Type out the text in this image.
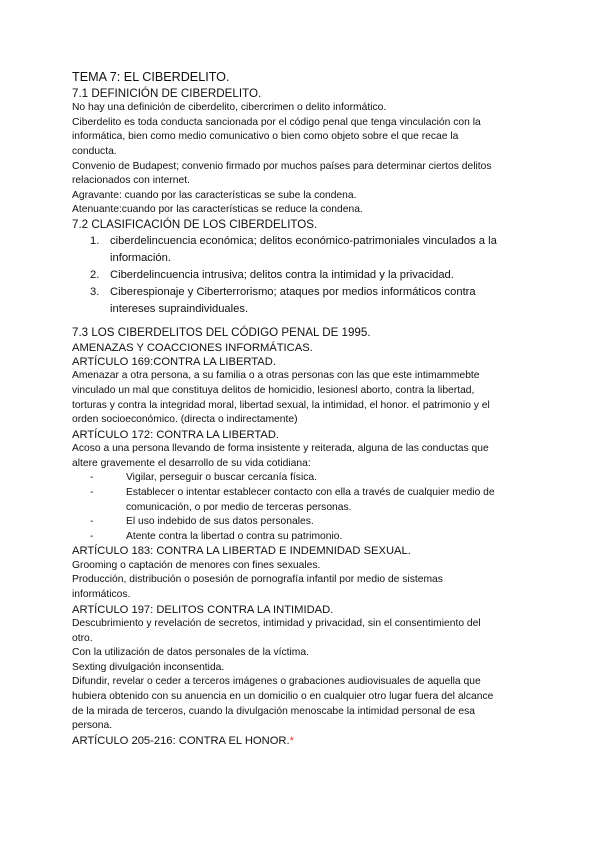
TEMA 7: EL CIBERDELITO.
7.1 DEFINICIÓN DE CIBERDELITO.
No hay una definición de ciberdelito, cibercrimen o delito informático.
Ciberdelito es toda conducta sancionada por el código penal que tenga vinculación con la
informática, bien como medio comunicativo o bien como objeto sobre el que recae la
conducta.
Convenio de Budapest; convenio firmado por muchos países para determinar ciertos delitos
relacionados con internet.
Agravante: cuando por las características se sube la condena.
Atenuante:cuando por las características se reduce la condena.
7.2 CLASIFICACIÓN DE LOS CIBERDELITOS.
1. ciberdelincuencia económica; delitos económico-patrimoniales vinculados a la
información.
2. Ciberdelincuencia intrusiva; delitos contra la intimidad y la privacidad.
3. Ciberespionaje y Ciberterrorismo; ataques por medios informáticos contra
intereses supraindividuales.
7.3 LOS CIBERDELITOS DEL CÓDIGO PENAL DE 1995.
AMENAZAS Y COACCIONES INFORMÁTICAS.
ARTÍCULO 169:CONTRA LA LIBERTAD.
Amenazar a otra persona, a su familia o a otras personas con las que este intimammebte
vinculado un mal que constituya delitos de homicidio, lesionesl aborto, contra la libertad,
torturas y contra la integridad moral, libertad sexual, la intimidad, el honor. el patrimonio y el
orden socioeconómico. (directa o indirectamente)
ARTÍCULO 172: CONTRA LA LIBERTAD.
Acoso a una persona llevando de forma insistente y reiterada, alguna de las conductas que
altere gravemente el desarrollo de su vida cotidiana:
-	Vigilar, perseguir o buscar cercanía física.
-	Establecer o intentar establecer contacto con ella a través de cualquier medio de
comunicación, o por medio de terceras personas.
-	El uso indebido de sus datos personales.
-	Atente contra la libertad o contra su patrimonio.
ARTÍCULO 183: CONTRA LA LIBERTAD E INDEMNIDAD SEXUAL.
Grooming o captación de menores con fines sexuales.
Producción, distribución o posesión de pornografía infantil por medio de sistemas
informáticos.
ARTÍCULO 197: DELITOS CONTRA LA INTIMIDAD.
Descubrimiento y revelación de secretos, intimidad y privacidad, sin el consentimiento del
otro.
Con la utilización de datos personales de la víctima.
Sexting divulgación inconsentida.
Difundir, revelar o ceder a terceros imágenes o grabaciones audiovisuales de aquella que
hubiera obtenido con su anuencia en un domicilio o en cualquier otro lugar fuera del alcance
de la mirada de terceros, cuando la divulgación menoscabe la intimidad personal de esa
persona.
ARTÍCULO 205-216: CONTRA EL HONOR.*
